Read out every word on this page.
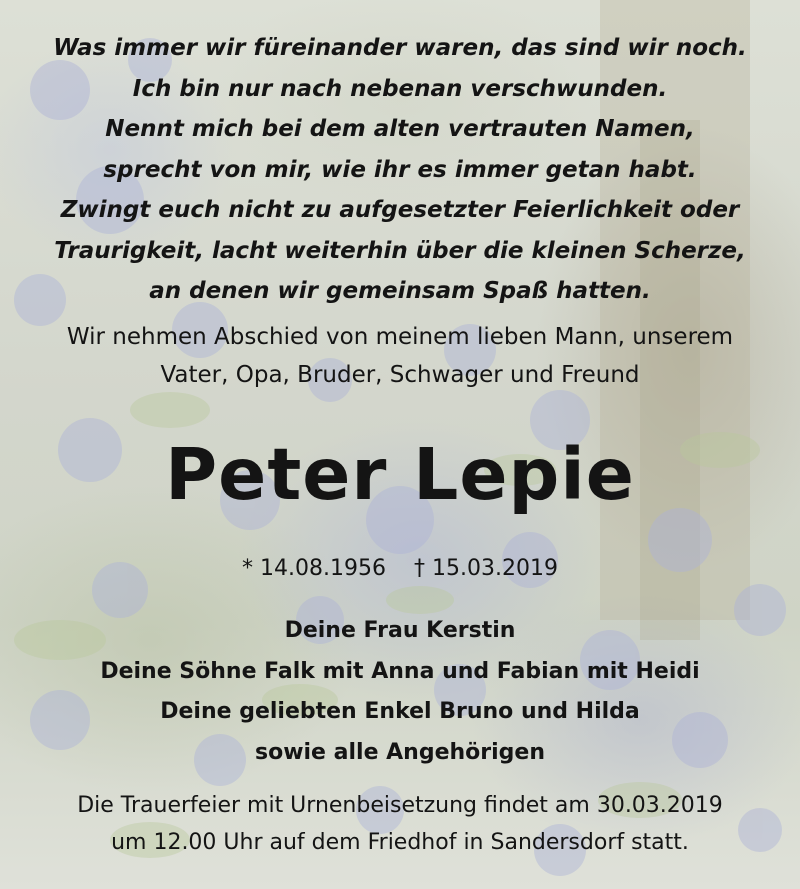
Was immer wir füreinander waren, das sind wir noch.
Ich bin nur nach nebenan verschwunden.
Nennt mich bei dem alten vertrauten Namen,
sprecht von mir, wie ihr es immer getan habt.
Zwingt euch nicht zu aufgesetzter Feierlichkeit oder
Traurigkeit, lacht weiterhin über die kleinen Scherze,
an denen wir gemeinsam Spaß hatten.
Wir nehmen Abschied von meinem lieben Mann, unserem
Vater, Opa, Bruder, Schwager und Freund
Peter Lepie
* 14.08.1956 † 15.03.2019
Deine Frau Kerstin
Deine Söhne Falk mit Anna und Fabian mit Heidi
Deine geliebten Enkel Bruno und Hilda
sowie alle Angehörigen
Die Trauerfeier mit Urnenbeisetzung findet am 30.03.2019
um 12.00 Uhr auf dem Friedhof in Sandersdorf statt.
